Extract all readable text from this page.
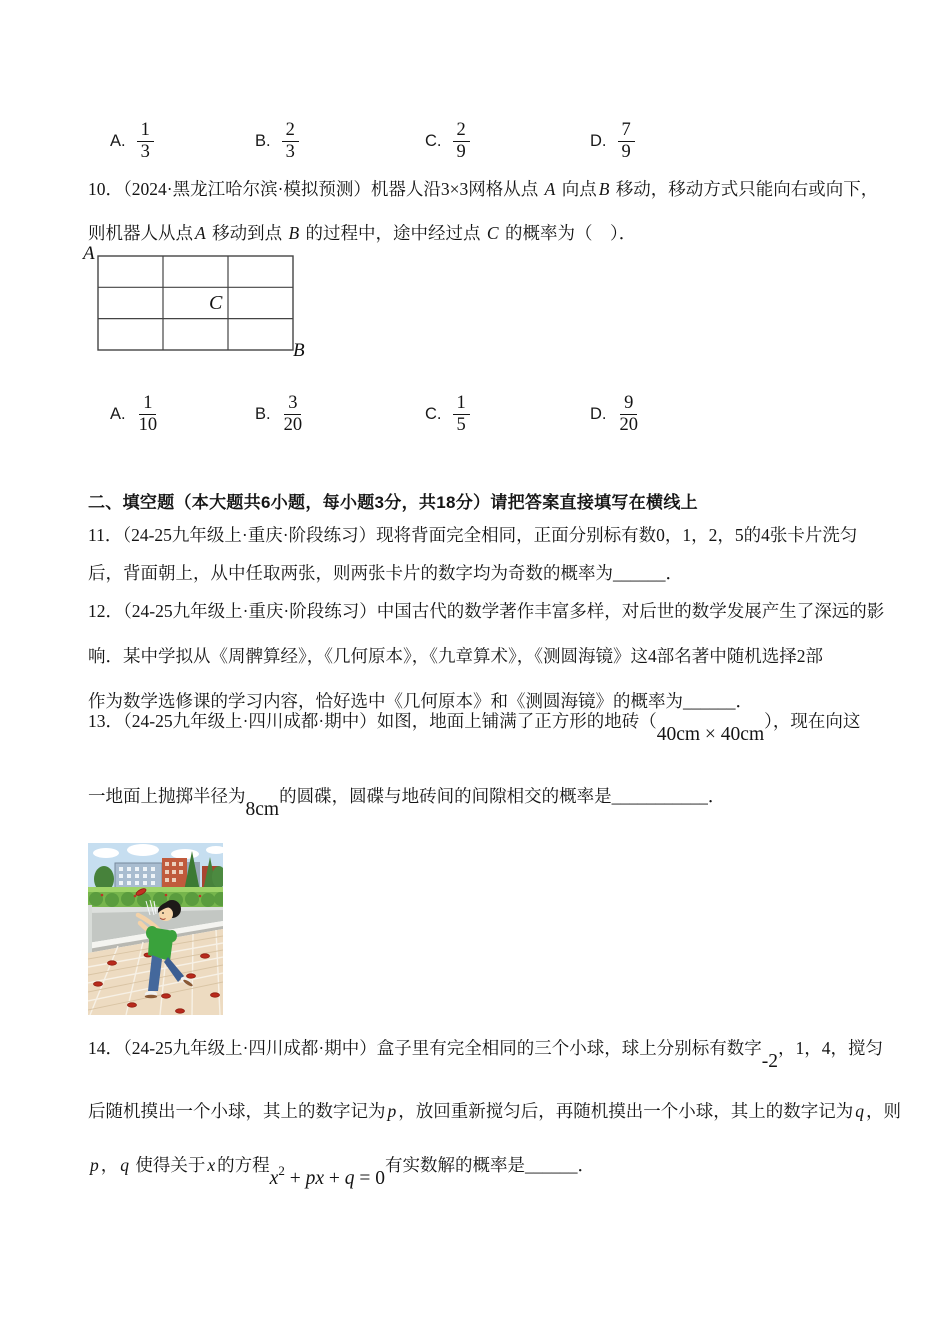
A. $\frac{1}{3}$	B. $\frac{2}{3}$	C. $\frac{2}{9}$	D. $\frac{7}{9}$
10．（2024·黑龙江哈尔滨·模拟预测）机器人沿3×3网格从点 A 向点 B 移动，移动方式只能向右或向下，
则机器人从点 A 移动到点 B 的过程中，途中经过点 C 的概率为（　）．
A
B
C
A. $\frac{1}{10}$	B. $\frac{3}{20}$	C. $\frac{1}{5}$	D. $\frac{9}{20}$
二、填空题（本大题共6小题，每小题3分，共18分）请把答案直接填写在横线上
11．（24-25九年级上·重庆·阶段练习）现将背面完全相同，正面分别标有数0，1，2，5的4张卡片洗匀
后，背面朝上，从中任取两张，则两张卡片的数字均为奇数的概率为______．
12．（24-25九年级上·重庆·阶段练习）中国古代的数学著作丰富多样，对后世的数学发展产生了深远的影
响．某中学拟从《周髀算经》，《几何原本》，《九章算术》，《测圆海镜》这4部名著中随机选择2部
作为数学选修课的学习内容，恰好选中《几何原本》和《测圆海镜》的概率为______．
13．（24-25九年级上·四川成都·期中）如图，地面上铺满了正方形的地砖（40cm × 40cm），现在向这
一地面上抛掷半径为8cm的圆碟，圆碟与地砖间的间隙相交的概率是___________．
14．（24-25九年级上·四川成都·期中）盒子里有完全相同的三个小球，球上分别标有数字-2，1，4，搅匀
后随机摸出一个小球，其上的数字记为 p ，放回重新搅匀后，再随机摸出一个小球，其上的数字记为 q ，则
p ， q 使得关于 x 的方程$x_2$ + px + q = 0有实数解的概率是______．
